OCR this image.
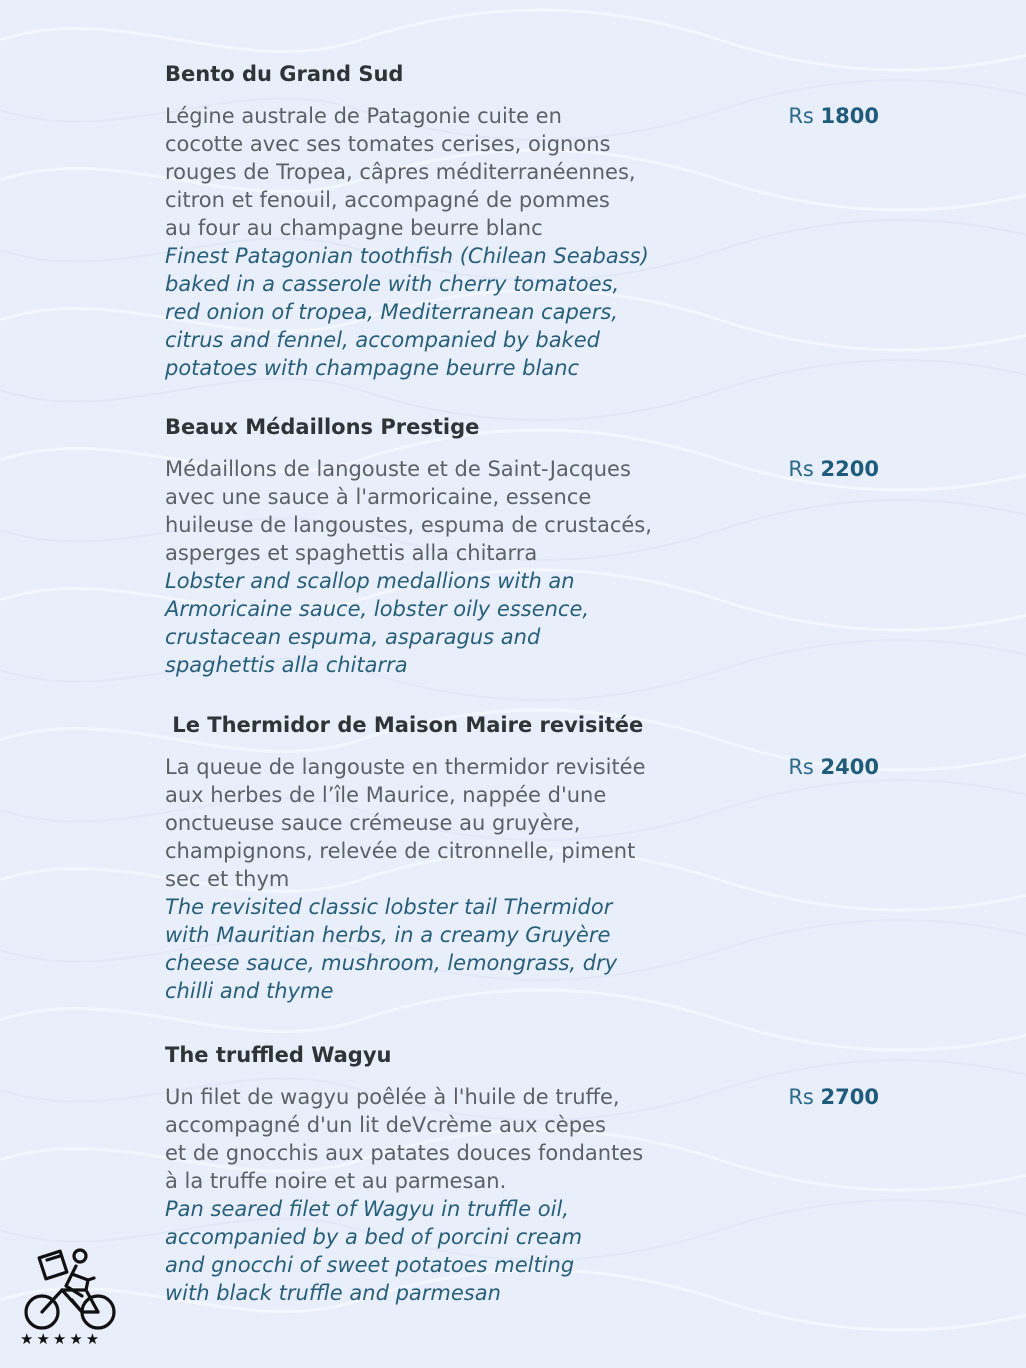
Bento du Grand Sud
Légine australe de Patagonie cuite en
cocotte avec ses tomates cerises, oignons
rouges de Tropea, câpres méditerranéennes,
citron et fenouil, accompagné de pommes
au four au champagne beurre blanc
Finest Patagonian toothfish (Chilean Seabass)
baked in a casserole with cherry tomatoes,
red onion of tropea, Mediterranean capers,
citrus and fennel, accompanied by baked
potatoes with champagne beurre blanc
Rs 1800
Beaux Médaillons Prestige
Médaillons de langouste et de Saint-Jacques
avec une sauce à l'armoricaine, essence
huileuse de langoustes, espuma de crustacés,
asperges et spaghettis alla chitarra
Lobster and scallop medallions with an
Armoricaine sauce, lobster oily essence,
crustacean espuma, asparagus and
spaghettis alla chitarra
Rs 2200
Le Thermidor de Maison Maire revisitée
La queue de langouste en thermidor revisitée
aux herbes de l’île Maurice, nappée d'une
onctueuse sauce crémeuse au gruyère,
champignons, relevée de citronnelle, piment
sec et thym
The revisited classic lobster tail Thermidor
with Mauritian herbs, in a creamy Gruyère
cheese sauce, mushroom, lemongrass, dry
chilli and thyme
Rs 2400
The truffled Wagyu
Un filet de wagyu poêlée à l'huile de truffe,
accompagné d'un lit deVcrème aux cèpes
et de gnocchis aux patates douces fondantes
à la truffe noire et au parmesan.
Pan seared filet of Wagyu in truffle oil,
accompanied by a bed of porcini cream
and gnocchi of sweet potatoes melting
with black truffle and parmesan
Rs 2700
★★★★★
